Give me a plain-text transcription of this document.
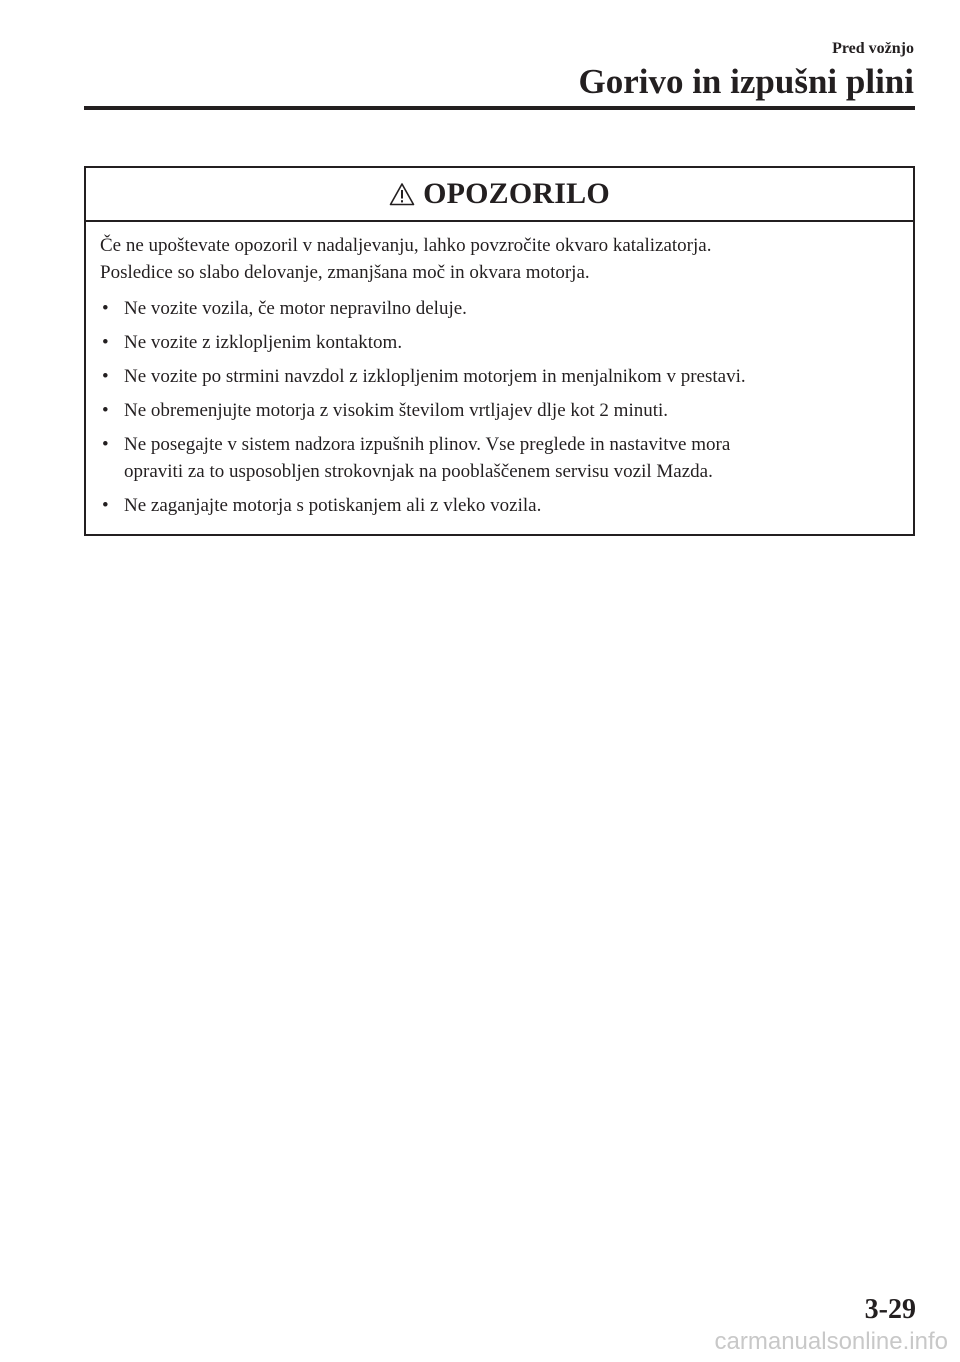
Pred vožnjo
Gorivo in izpušni plini
OPOZORILO

Če ne upoštevate opozoril v nadaljevanju, lahko povzročite okvaro katalizatorja.

Posledice so slabo delovanje, zmanjšana moč in okvara motorja.

• Ne vozite vozila, če motor nepravilno deluje.
• Ne vozite z izklopljenim kontaktom.
• Ne vozite po strmini navzdol z izklopljenim motorjem in menjalnikom v prestavi.
• Ne obremenjujte motorja z visokim številom vrtljajev dlje kot 2 minuti.
• Ne posegajte v sistem nadzora izpušnih plinov. Vse preglede in nastavitve mora
opraviti za to usposobljen strokovnjak na pooblaščenem servisu vozil Mazda.
• Ne zaganjajte motorja s potiskanjem ali z vleko vozila.
3-29
carmanualsonline.info
